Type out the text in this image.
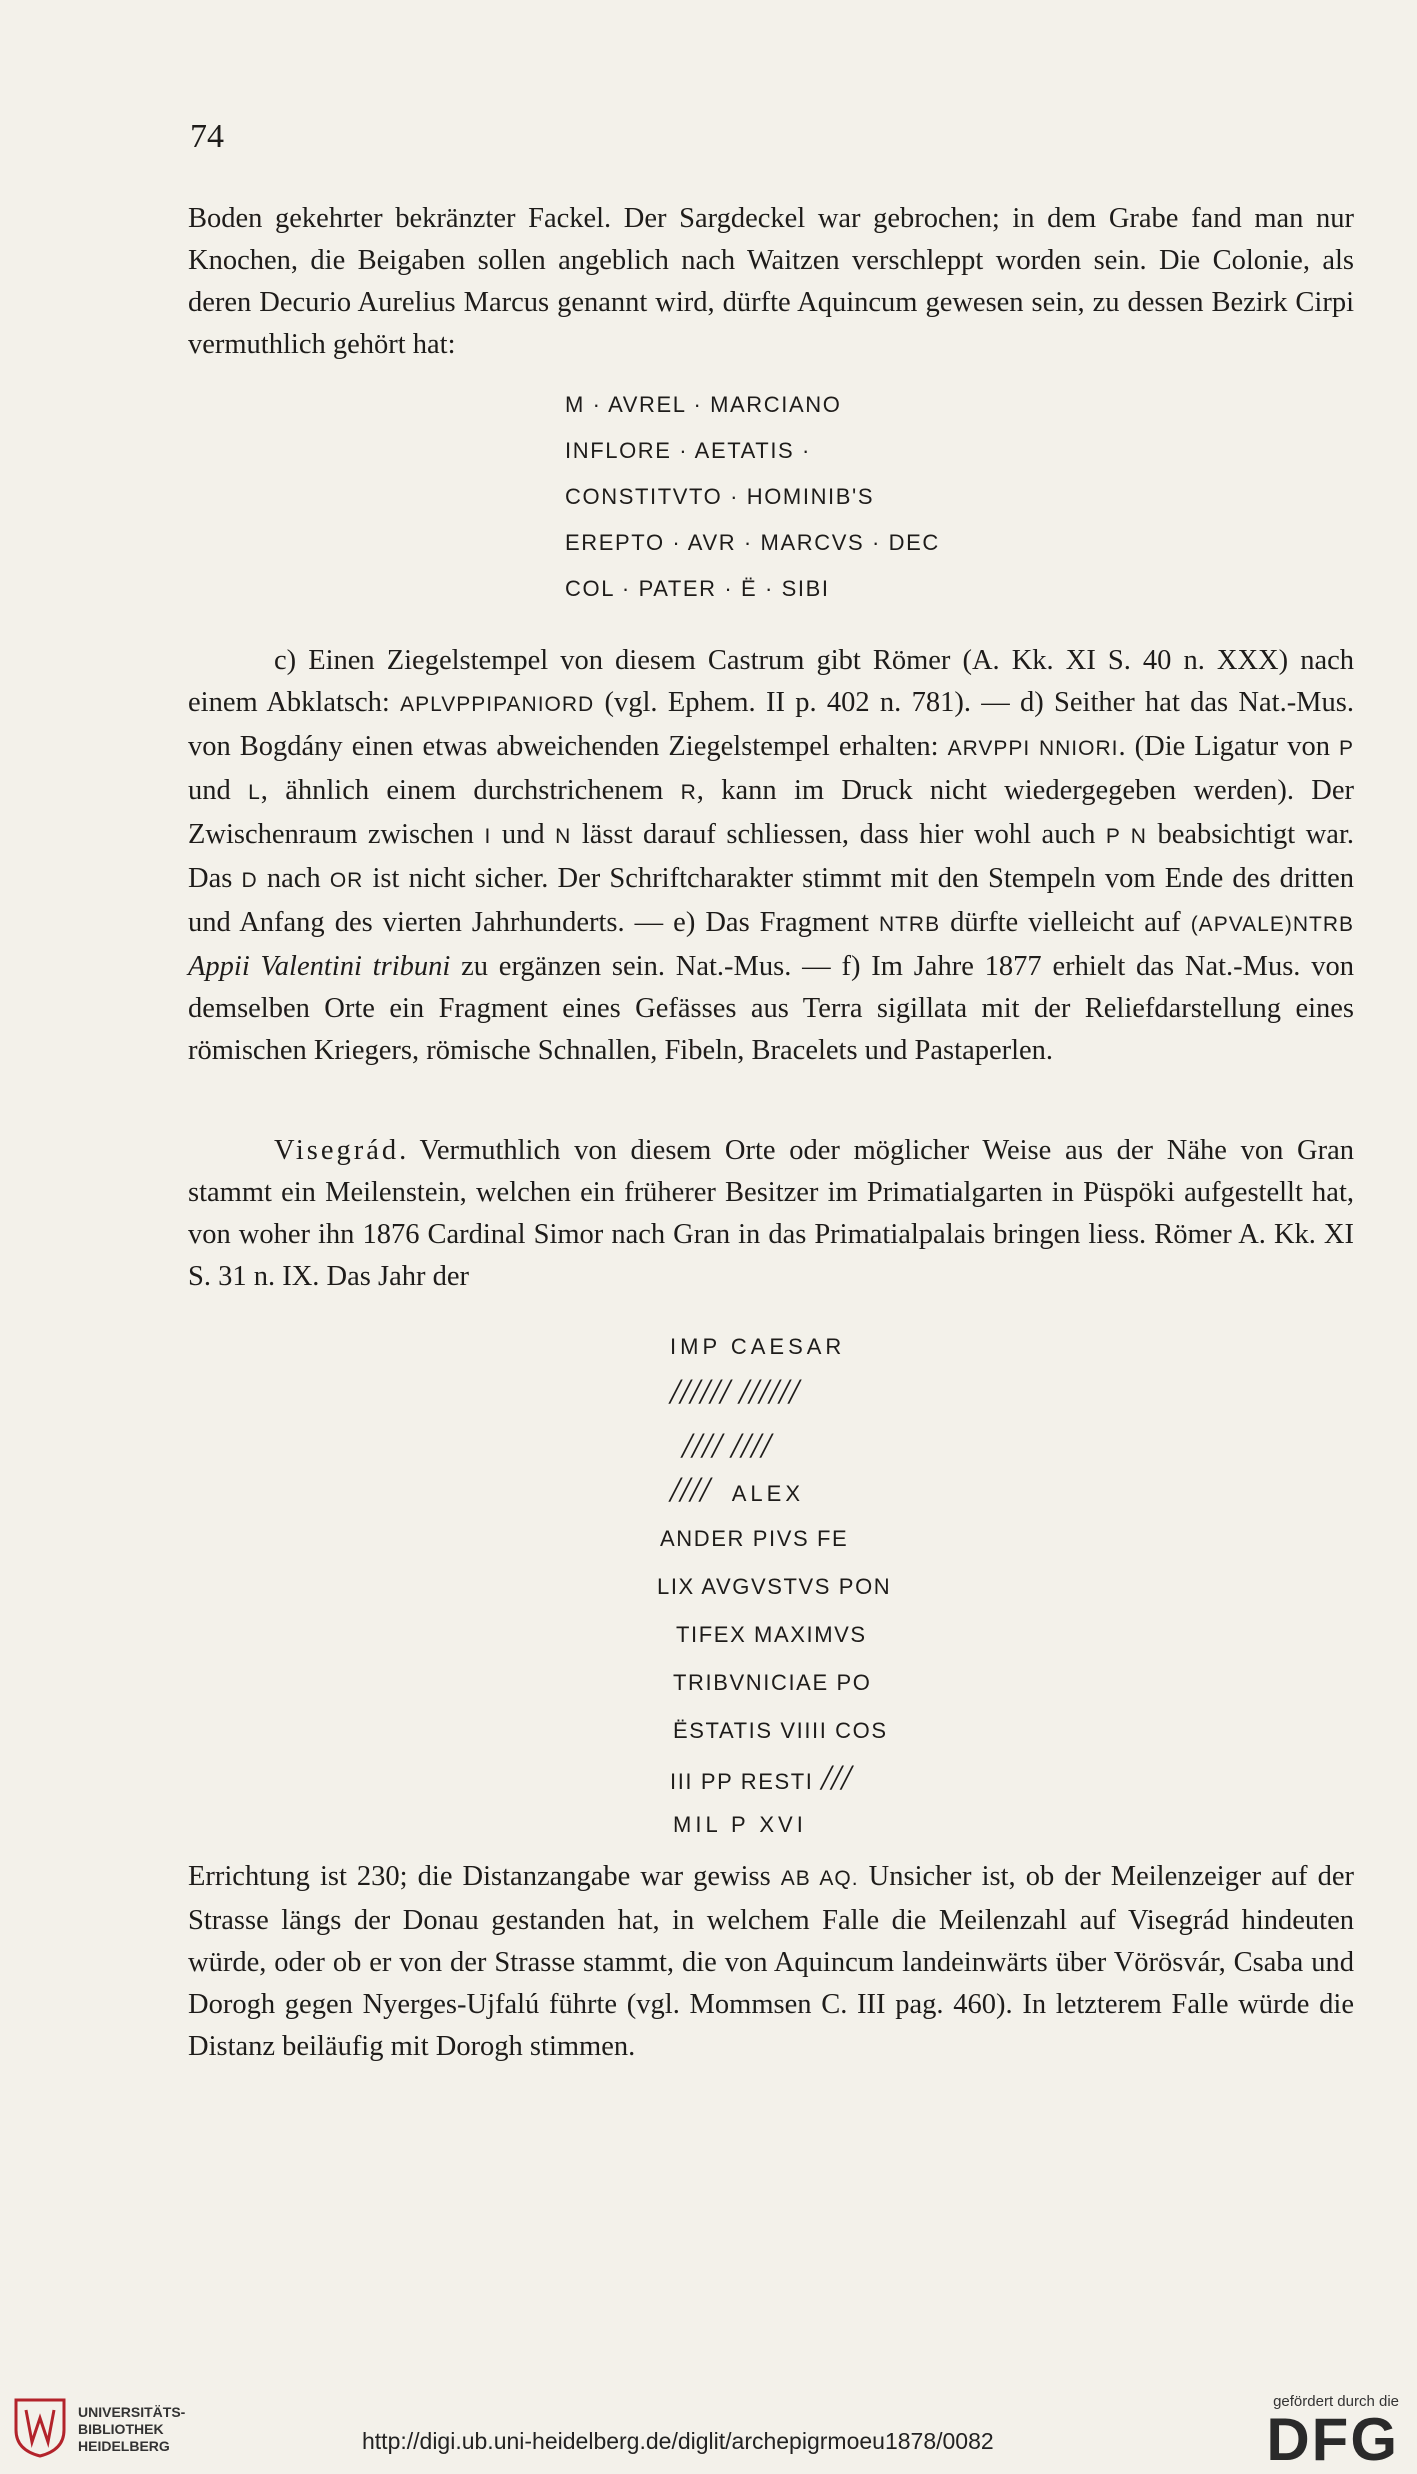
74

Boden gekehrter bekränzter Fackel. Der Sargdeckel war gebrochen; in dem Grabe fand man nur Knochen, die Beigaben sollen angeblich nach Waitzen verschleppt worden sein. Die Colonie, als deren Decurio Aurelius Marcus genannt wird, dürfte Aquincum gewesen sein, zu dessen Bezirk Cirpi vermuthlich gehört hat:

M · AVREL · MARCIANO
INFLORE · AETATIS ·
CONSTITVTO · HOMINIB'S
EREPTO · AVR · MARCVS · DEC
COL · PATER · Ë · SIBI

c) Einen Ziegelstempel von diesem Castrum gibt Römer (A. Kk. XI S. 40 n. XXX) nach einem Abklatsch: APLVPPIPANIORD (vgl. Ephem. II p. 402 n. 781). — d) Seither hat das Nat.-Mus. von Bogdány einen etwas abweichenden Ziegelstempel erhalten: ARVPPI NNIORI. (Die Ligatur von P und L, ähnlich einem durchstrichenem R, kann im Druck nicht wiedergegeben werden). Der Zwischenraum zwischen I und N lässt darauf schliessen, dass hier wohl auch P N beabsichtigt war. Das D nach OR ist nicht sicher. Der Schriftcharakter stimmt mit den Stempeln vom Ende des dritten und Anfang des vierten Jahrhunderts. — e) Das Fragment NTRB dürfte vielleicht auf (APVALE)NTRB Appii Valentini tribuni zu ergänzen sein. Nat.-Mus. — f) Im Jahre 1877 erhielt das Nat.-Mus. von demselben Orte ein Fragment eines Gefässes aus Terra sigillata mit der Reliefdarstellung eines römischen Kriegers, römische Schnallen, Fibeln, Bracelets und Pastaperlen.

Visegrád. Vermuthlich von diesem Orte oder möglicher Weise aus der Nähe von Gran stammt ein Meilenstein, welchen ein früherer Besitzer im Primatialgarten in Püspöki aufgestellt hat, von woher ihn 1876 Cardinal Simor nach Gran in das Primatialpalais bringen liess. Römer A. Kk. XI S. 31 n. IX. Das Jahr der

IMP CAESAR
////// //////
//// ////
//// ALEX
ANDER PIVS FE
LIX AVGVSTVS PON
TIFEX MAXIMVS
TRIBVNICIAE PO
ËSTATIS VIIII COS
III PP RESTI ///
MIL P XVI

Errichtung ist 230; die Distanzangabe war gewiss AB AQ. Unsicher ist, ob der Meilenzeiger auf der Strasse längs der Donau gestanden hat, in welchem Falle die Meilenzahl auf Visegrád hindeuten würde, oder ob er von der Strasse stammt, die von Aquincum landeinwärts über Vörösvár, Csaba und Dorogh gegen Nyerges-Ujfalú führte (vgl. Mommsen C. III pag. 460). In letzterem Falle würde die Distanz beiläufig mit Dorogh stimmen.

UNIVERSITÄTS-
BIBLIOTHEK
HEIDELBERG	http://digi.ub.uni-heidelberg.de/diglit/archepigrmoeu1878/0082
gefördert durch die
DFG
